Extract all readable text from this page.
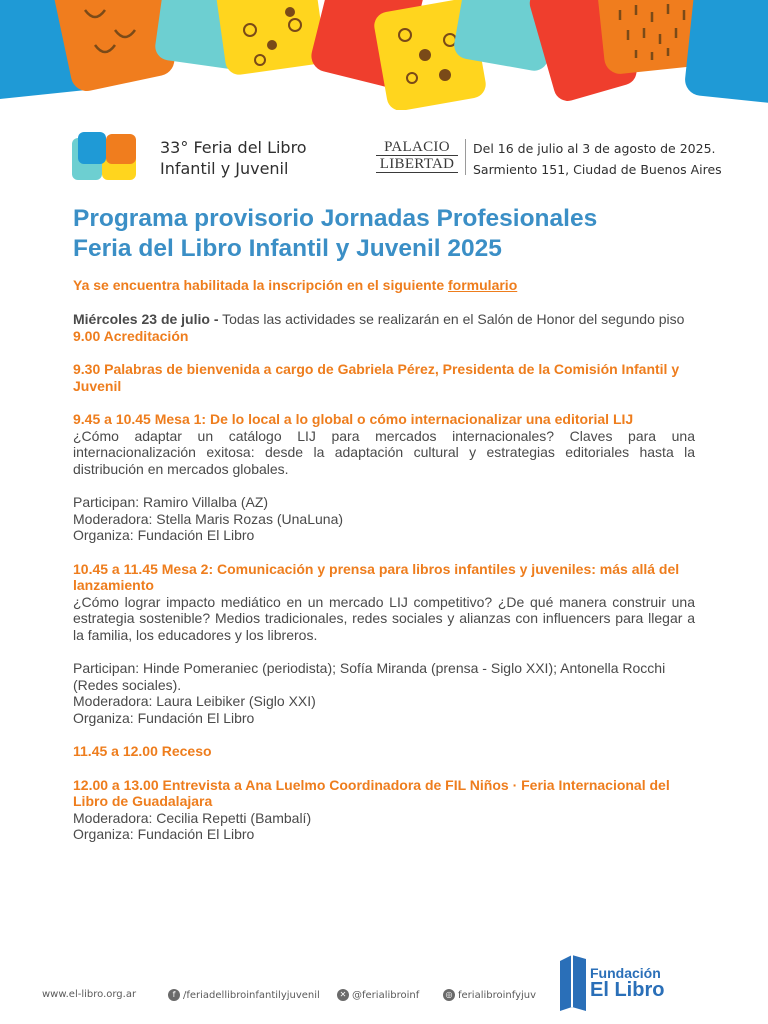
33° Feria del Libro
Infantil y Juvenil
PALACIO
LIBERTAD
Del 16 de julio al 3 de agosto de 2025.
Sarmiento 151, Ciudad de Buenos Aires
Programa provisorio Jornadas Profesionales
Feria del Libro Infantil y Juvenil 2025
Ya se encuentra habilitada la inscripción en el siguiente formulario
Miércoles 23 de julio - Todas las actividades se realizarán en el Salón de Honor del segundo piso
9.00 Acreditación
9.30 Palabras de bienvenida a cargo de Gabriela Pérez, Presidenta de la Comisión Infantil y Juvenil
9.45 a 10.45 Mesa 1: De lo local a lo global o cómo internacionalizar una editorial LIJ
¿Cómo adaptar un catálogo LIJ para mercados internacionales? Claves para una internacionalización exitosa: desde la adaptación cultural y estrategias editoriales hasta la distribución en mercados globales.
Participan: Ramiro Villalba (AZ)
Moderadora: Stella Maris Rozas (UnaLuna)
Organiza: Fundación El Libro
10.45 a 11.45 Mesa 2: Comunicación y prensa para libros infantiles y juveniles: más allá del lanzamiento
¿Cómo lograr impacto mediático en un mercado LIJ competitivo? ¿De qué manera construir una estrategia sostenible? Medios tradicionales, redes sociales y alianzas con influencers para llegar a la familia, los educadores y los libreros.
Participan: Hinde Pomeraniec (periodista); Sofía Miranda (prensa - Siglo XXI); Antonella Rocchi (Redes sociales).
Moderadora: Laura Leibiker (Siglo XXI)
Organiza: Fundación El Libro
11.45 a 12.00 Receso
12.00 a 13.00 Entrevista a Ana Luelmo Coordinadora de FIL Niños · Feria Internacional del Libro de Guadalajara
Moderadora: Cecilia Repetti (Bambalí)
Organiza: Fundación El Libro
www.el-libro.org.ar	f /feriadellibroinfantilyjuvenil	✕ @ferialibroinf	◎ ferialibroinfyjuv
Fundación
El Libro
